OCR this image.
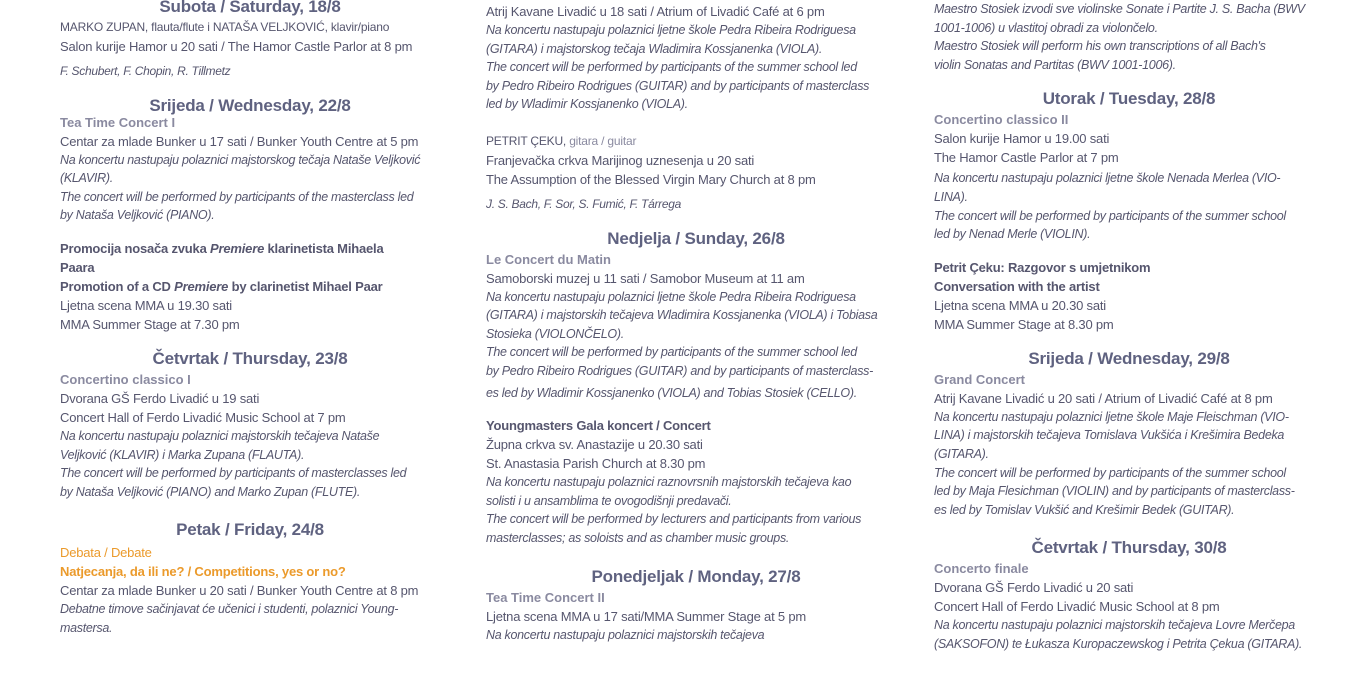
Subota / Saturday, 18/8

MARKO ZUPAN, flauta/flute i NATAŠA VELJKOVIĆ, klavir/piano

Salon kurije Hamor u 20 sati / The Hamor Castle Parlor at 8 pm

F. Schubert, F. Chopin, R. Tillmetz

Srijeda / Wednesday, 22/8

Tea Time Concert I

Centar za mlade Bunker u 17 sati / Bunker Youth Centre at 5 pm

Na koncertu nastupaju polaznici majstorskog tečaja Nataše Veljković

(KLAVIR).

The concert will be performed by participants of the masterclass led

by Nataša Veljković (PIANO).

Promocija nosača zvuka Premiere klarinetista Mihaela

Paara

Promotion of a CD Premiere by clarinetist Mihael Paar

Ljetna scena MMA u 19.30 sati

MMA Summer Stage at 7.30 pm

Četvrtak / Thursday, 23/8

Concertino classico I

Dvorana GŠ Ferdo Livadić u 19 sati

Concert Hall of Ferdo Livadić Music School at 7 pm

Na koncertu nastupaju polaznici majstorskih tečajeva Nataše

Veljković (KLAVIR) i Marka Zupana (FLAUTA).

The concert will be performed by participants of masterclasses led

by Nataša Veljković (PIANO) and Marko Zupan (FLUTE).

Petak / Friday, 24/8

Debata / Debate

Natjecanja, da ili ne? / Competitions, yes or no?

Centar za mlade Bunker u 20 sati / Bunker Youth Centre at 8 pm

Debatne timove sačinjavat će učenici i studenti, polaznici Young-

mastersa.

Atrij Kavane Livadić u 18 sati / Atrium of Livadić Café at 6 pm

Na koncertu nastupaju polaznici ljetne škole Pedra Ribeira Rodriguesa

(GITARA) i majstorskog tečaja Wladimira Kossjanenka (VIOLA).

The concert will be performed by participants of the summer school led

by Pedro Ribeiro Rodrigues (GUITAR) and by participants of masterclass

led by Wladimir Kossjanenko (VIOLA).

PETRIT ÇEKU, gitara / guitar

Franjevačka crkva Marijinog uznesenja u 20 sati

The Assumption of the Blessed Virgin Mary Church at 8 pm

J. S. Bach, F. Sor, S. Fumić, F. Tárrega

Nedjelja / Sunday, 26/8

Le Concert du Matin

Samoborski muzej u 11 sati / Samobor Museum at 11 am

Na koncertu nastupaju polaznici ljetne škole Pedra Ribeira Rodriguesa

(GITARA) i majstorskih tečajeva Wladimira Kossjanenka (VIOLA) i Tobiasa

Stosieka (VIOLONČELO).

The concert will be performed by participants of the summer school led

by Pedro Ribeiro Rodrigues (GUITAR) and by participants of masterclass-

es led by Wladimir Kossjanenko (VIOLA) and Tobias Stosiek (CELLO).

Youngmasters Gala koncert / Concert

Župna crkva sv. Anastazije u 20.30 sati

St. Anastasia Parish Church at 8.30 pm

Na koncertu nastupaju polaznici raznovrsnih majstorskih tečajeva kao

solisti i u ansamblima te ovogodišnji predavači.

The concert will be performed by lecturers and participants from various

masterclasses; as soloists and as chamber music groups.

Ponedjeljak / Monday, 27/8

Tea Time Concert II

Ljetna scena MMA u 17 sati/MMA Summer Stage at 5 pm

Na koncertu nastupaju polaznici majstorskih tečajeva

Maestro Stosiek izvodi sve violinske Sonate i Partite J. S. Bacha (BWV

1001-1006) u vlastitoj obradi za violončelo.

Maestro Stosiek will perform his own transcriptions of all Bach's

violin Sonatas and Partitas (BWV 1001-1006).

Utorak / Tuesday, 28/8

Concertino classico II

Salon kurije Hamor u 19.00 sati

The Hamor Castle Parlor at 7 pm

Na koncertu nastupaju polaznici ljetne škole Nenada Merlea (VIO-

LINA).

The concert will be performed by participants of the summer school

led by Nenad Merle (VIOLIN).

Petrit Çeku: Razgovor s umjetnikom

Conversation with the artist

Ljetna scena MMA u 20.30 sati

MMA Summer Stage at 8.30 pm

Srijeda / Wednesday, 29/8

Grand Concert

Atrij Kavane Livadić u 20 sati / Atrium of Livadić Café at 8 pm

Na koncertu nastupaju polaznici ljetne škole Maje Fleischman (VIO-

LINA) i majstorskih tečajeva Tomislava Vukšića i Krešimira Bedeka

(GITARA).

The concert will be performed by participants of the summer school

led by Maja Flesichman (VIOLIN) and by participants of masterclass-

es led by Tomislav Vukšić and Krešimir Bedek (GUITAR).

Četvrtak / Thursday, 30/8

Concerto finale

Dvorana GŠ Ferdo Livadić u 20 sati

Concert Hall of Ferdo Livadić Music School at 8 pm

Na koncertu nastupaju polaznici majstorskih tečajeva Lovre Merčepa

(SAKSOFON) te Łukasza Kuropaczewskog i Petrita Çekua (GITARA).
